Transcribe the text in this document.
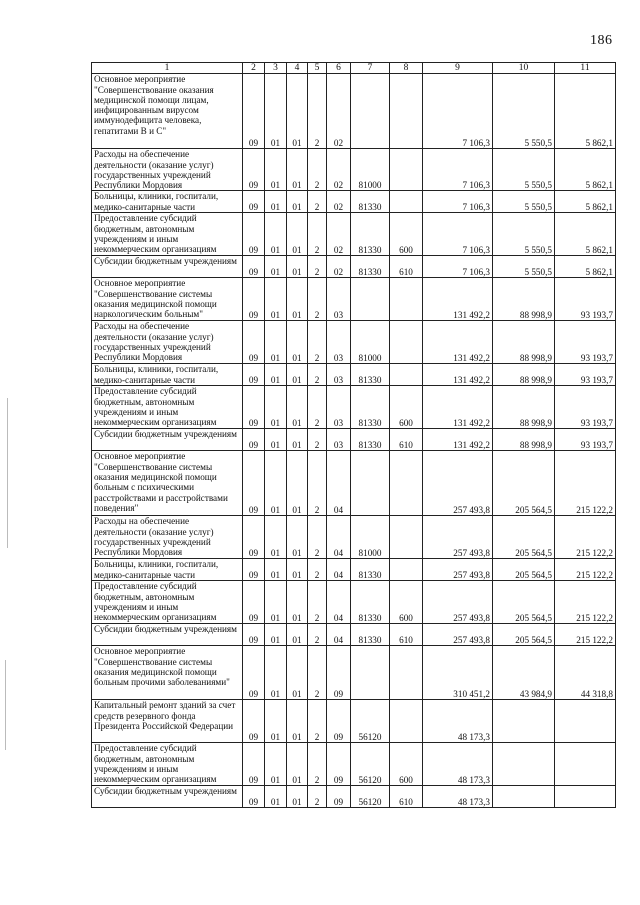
186
1	2	3	4	5	6	7	8	9	10	11
Основное мероприятие "Совершенствование оказания медицинской помощи лицам, инфицированным вирусом иммунодефицита человека, гепатитами В и С"	09	01	01	2	02			7 106,3	5 550,5	5 862,1
Расходы на обеспечение деятельности (оказание услуг) государственных учреждений Республики Мордовия	09	01	01	2	02	81000		7 106,3	5 550,5	5 862,1
Больницы, клиники, госпитали, медико-санитарные части	09	01	01	2	02	81330		7 106,3	5 550,5	5 862,1
Предоставление субсидий бюджетным, автономным учреждениям и иным некоммерческим организациям	09	01	01	2	02	81330	600	7 106,3	5 550,5	5 862,1
Субсидии бюджетным учреждениям	09	01	01	2	02	81330	610	7 106,3	5 550,5	5 862,1
Основное мероприятие "Совершенствование системы оказания медицинской помощи наркологическим больным"	09	01	01	2	03			131 492,2	88 998,9	93 193,7
Расходы на обеспечение деятельности (оказание услуг) государственных учреждений Республики Мордовия	09	01	01	2	03	81000		131 492,2	88 998,9	93 193,7
Больницы, клиники, госпитали, медико-санитарные части	09	01	01	2	03	81330		131 492,2	88 998,9	93 193,7
Предоставление субсидий бюджетным, автономным учреждениям и иным некоммерческим организациям	09	01	01	2	03	81330	600	131 492,2	88 998,9	93 193,7
Субсидии бюджетным учреждениям	09	01	01	2	03	81330	610	131 492,2	88 998,9	93 193,7
Основное мероприятие "Совершенствование системы оказания медицинской помощи больным с психическими расстройствами и расстройствами поведения"	09	01	01	2	04			257 493,8	205 564,5	215 122,2
Расходы на обеспечение деятельности (оказание услуг) государственных учреждений Республики Мордовия	09	01	01	2	04	81000		257 493,8	205 564,5	215 122,2
Больницы, клиники, госпитали, медико-санитарные части	09	01	01	2	04	81330		257 493,8	205 564,5	215 122,2
Предоставление субсидий бюджетным, автономным учреждениям и иным некоммерческим организациям	09	01	01	2	04	81330	600	257 493,8	205 564,5	215 122,2
Субсидии бюджетным учреждениям	09	01	01	2	04	81330	610	257 493,8	205 564,5	215 122,2
Основное мероприятие "Совершенствование системы оказания медицинской помощи больным прочими заболеваниями"	09	01	01	2	09			310 451,2	43 984,9	44 318,8
Капитальный ремонт зданий за счет средств резервного фонда Президента Российской Федерации	09	01	01	2	09	56120		48 173,3		
Предоставление субсидий бюджетным, автономным учреждениям и иным некоммерческим организациям	09	01	01	2	09	56120	600	48 173,3		
Субсидии бюджетным учреждениям	09	01	01	2	09	56120	610	48 173,3		
